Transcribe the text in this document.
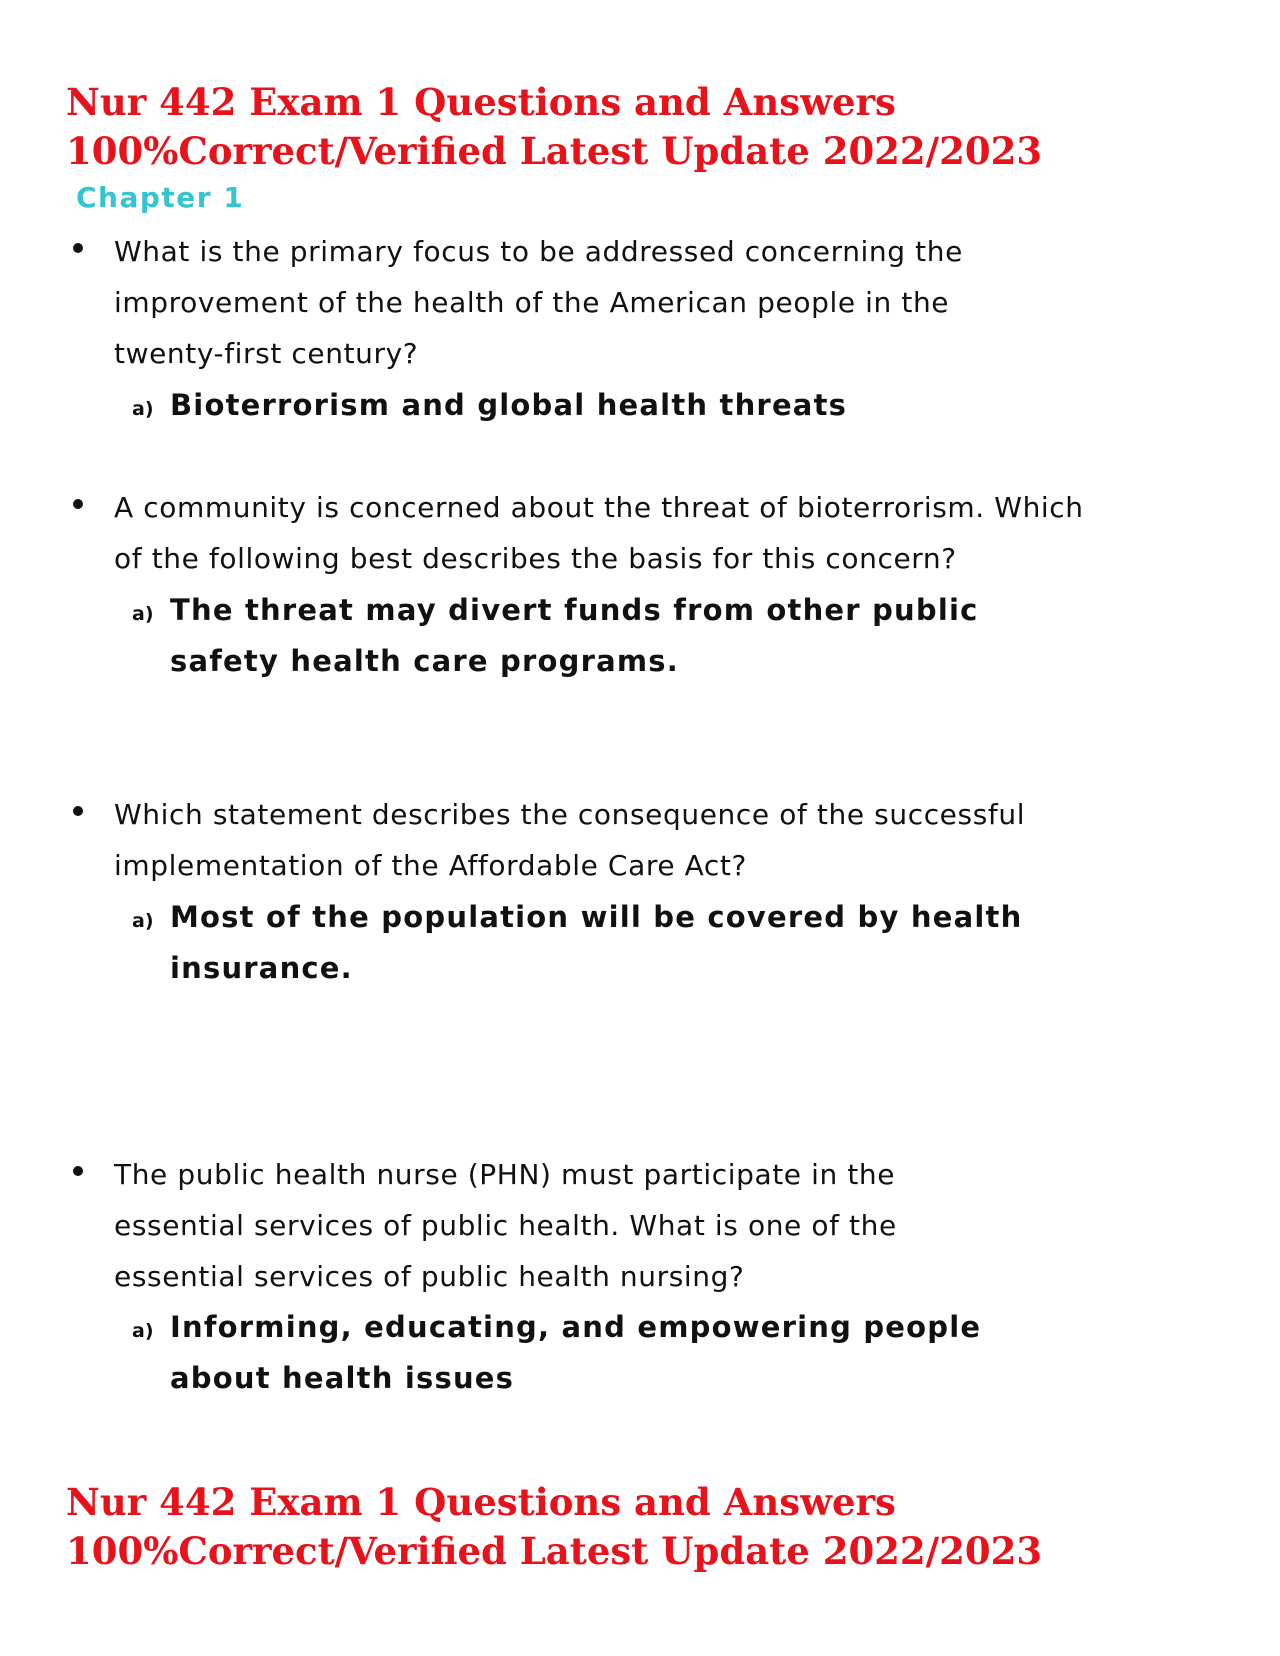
Nur 442 Exam 1 Questions and Answers
100%Correct/Verified Latest Update 2022/2023
Chapter 1

What is the primary focus to be addressed concerning the
improvement of the health of the American people in the
twenty-first century?

a) Bioterrorism and global health threats

A community is concerned about the threat of bioterrorism. Which
of the following best describes the basis for this concern?

a) The threat may divert funds from other public
safety health care programs.

Which statement describes the consequence of the successful
implementation of the Affordable Care Act?

a) Most of the population will be covered by health
insurance.

The public health nurse (PHN) must participate in the
essential services of public health. What is one of the
essential services of public health nursing?

a) Informing, educating, and empowering people
about health issues

Nur 442 Exam 1 Questions and Answers
100%Correct/Verified Latest Update 2022/2023
